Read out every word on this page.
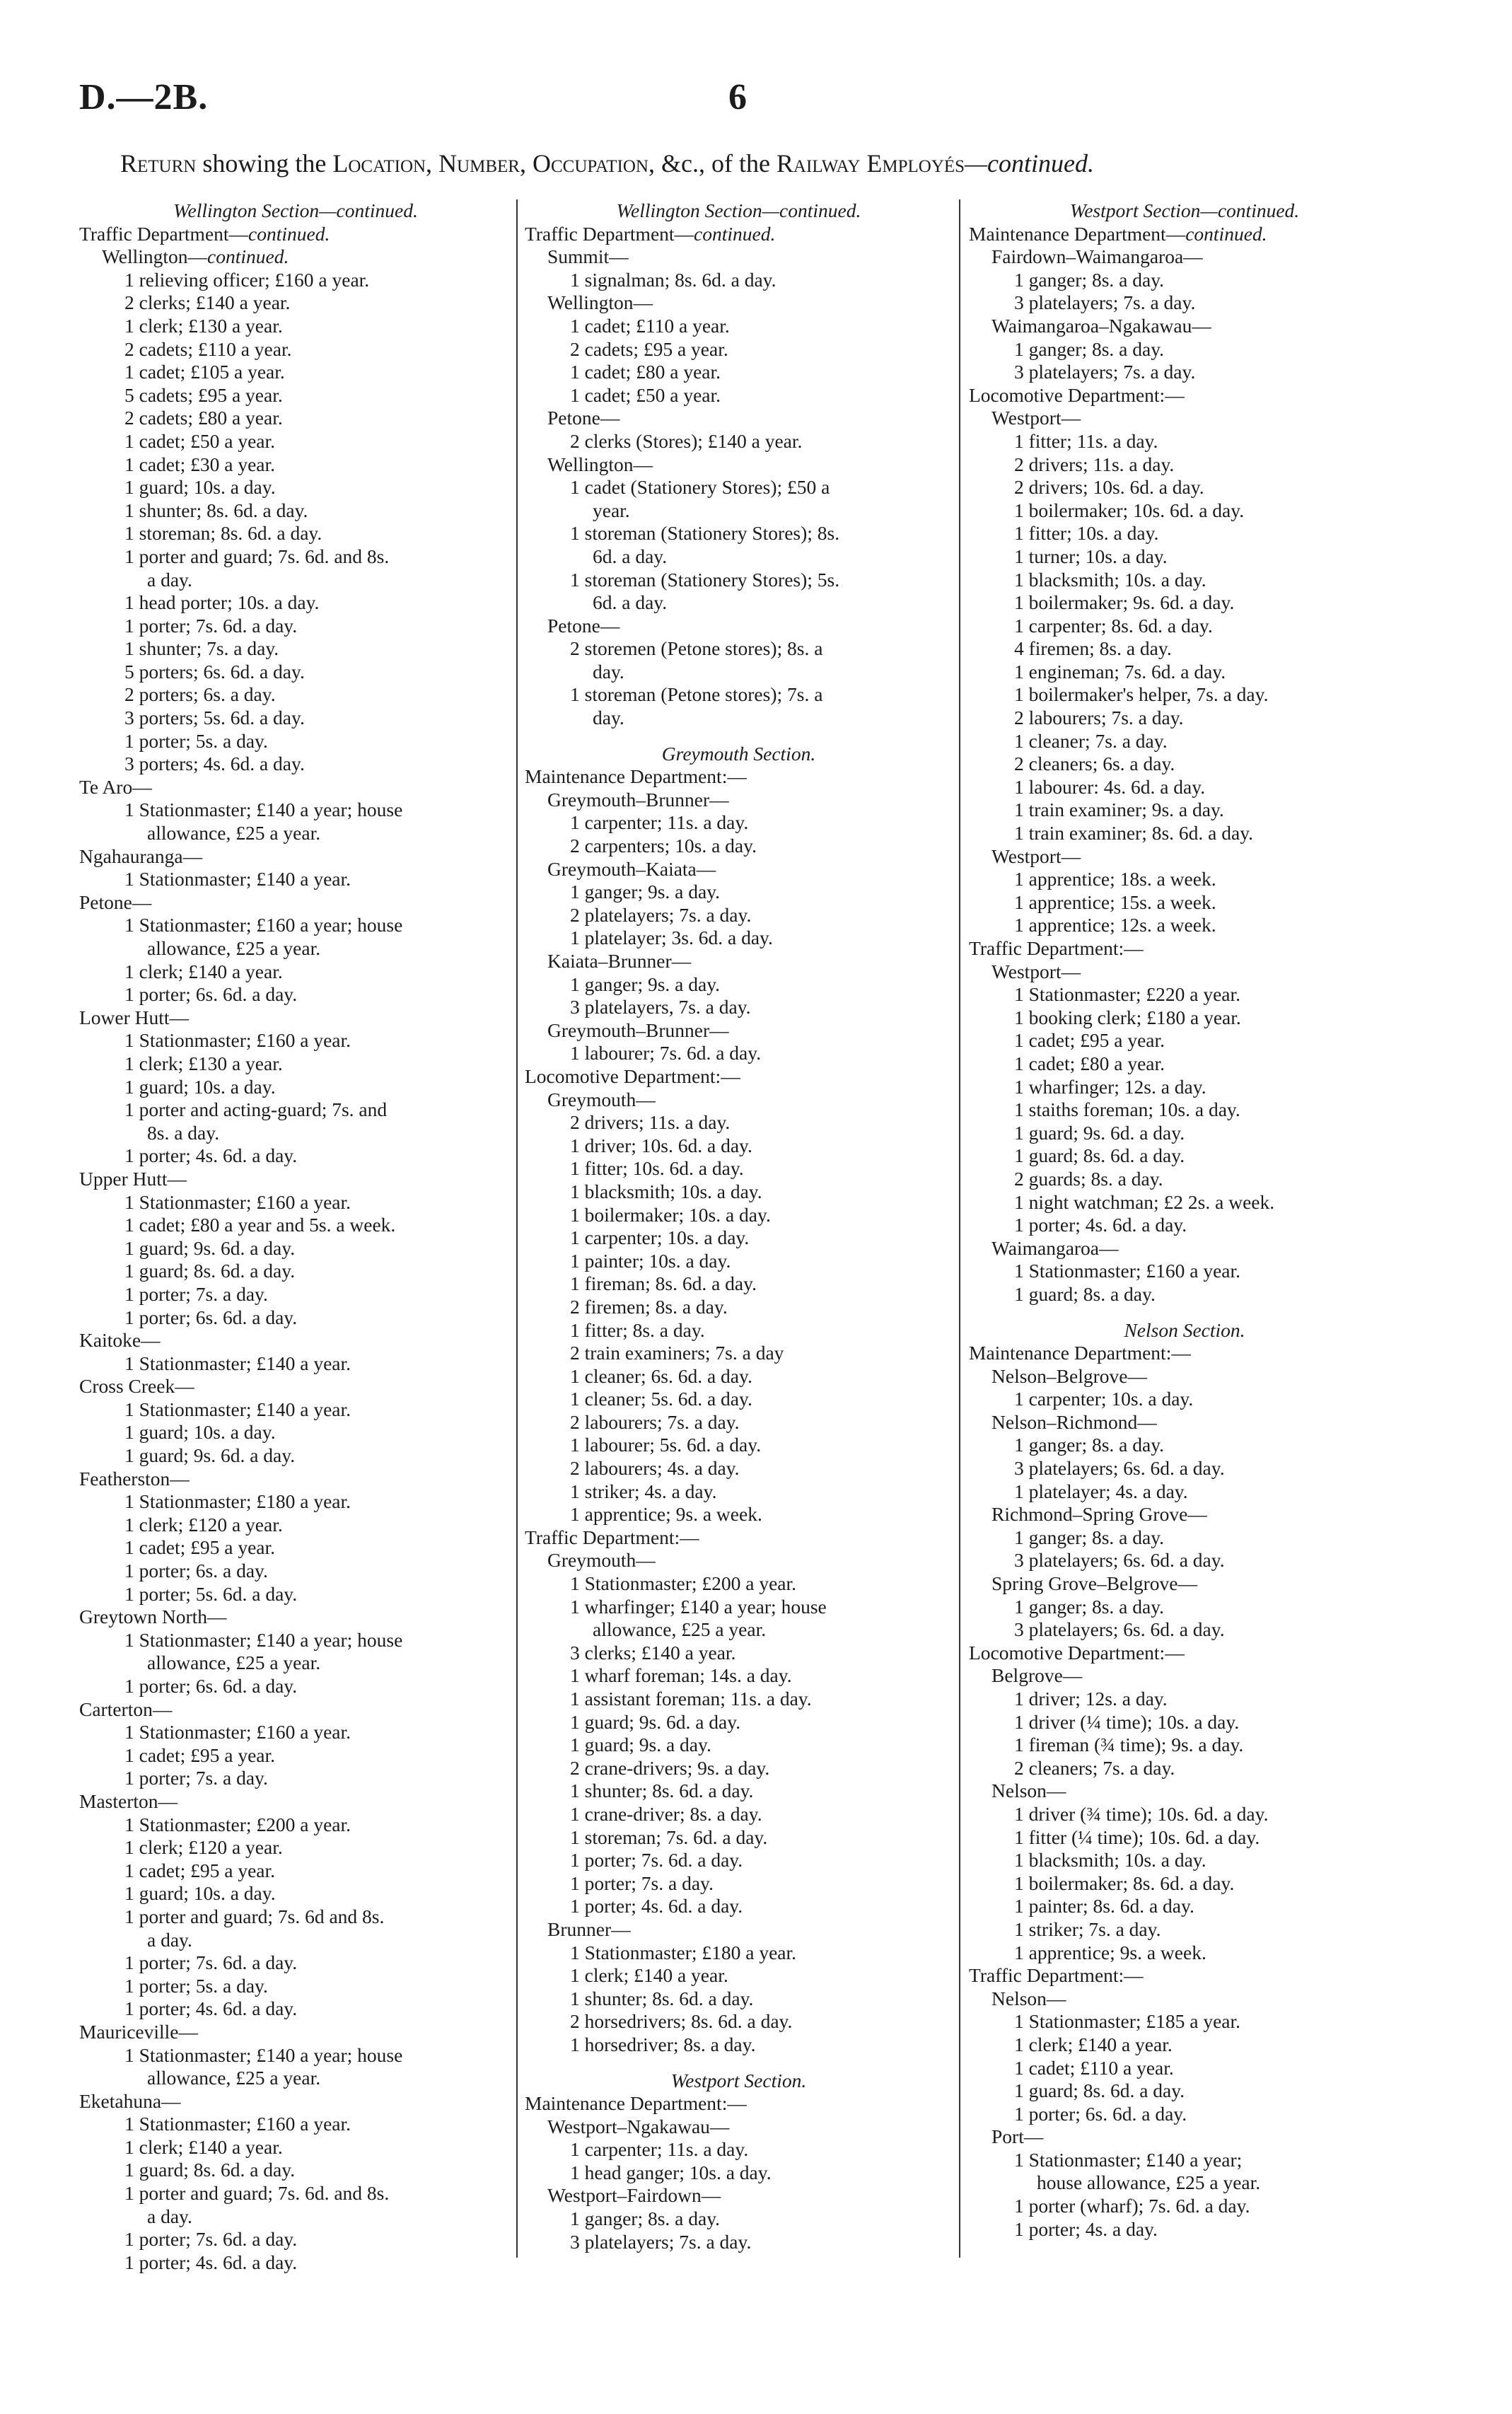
D.—2B.	6
Return showing the Location, Number, Occupation, &c., of the Railway Employés—continued.
Wellington Section—continued.
Traffic Department—continued.
Wellington—continued.
1 relieving officer; £160 a year.
2 clerks; £140 a year.
1 clerk; £130 a year.
2 cadets; £110 a year.
1 cadet; £105 a year.
5 cadets; £95 a year.
2 cadets; £80 a year.
1 cadet; £50 a year.
1 cadet; £30 a year.
1 guard; 10s. a day.
1 shunter; 8s. 6d. a day.
1 storeman; 8s. 6d. a day.
1 porter and guard; 7s. 6d. and 8s.
a day.
1 head porter; 10s. a day.
1 porter; 7s. 6d. a day.
1 shunter; 7s. a day.
5 porters; 6s. 6d. a day.
2 porters; 6s. a day.
3 porters; 5s. 6d. a day.
1 porter; 5s. a day.
3 porters; 4s. 6d. a day.
Te Aro—
1 Stationmaster; £140 a year; house
allowance, £25 a year.
Ngahauranga—
1 Stationmaster; £140 a year.
Petone—
1 Stationmaster; £160 a year; house
allowance, £25 a year.
1 clerk; £140 a year.
1 porter; 6s. 6d. a day.
Lower Hutt—
1 Stationmaster; £160 a year.
1 clerk; £130 a year.
1 guard; 10s. a day.
1 porter and acting-guard; 7s. and
8s. a day.
1 porter; 4s. 6d. a day.
Upper Hutt—
1 Stationmaster; £160 a year.
1 cadet; £80 a year and 5s. a week.
1 guard; 9s. 6d. a day.
1 guard; 8s. 6d. a day.
1 porter; 7s. a day.
1 porter; 6s. 6d. a day.
Kaitoke—
1 Stationmaster; £140 a year.
Cross Creek—
1 Stationmaster; £140 a year.
1 guard; 10s. a day.
1 guard; 9s. 6d. a day.
Featherston—
1 Stationmaster; £180 a year.
1 clerk; £120 a year.
1 cadet; £95 a year.
1 porter; 6s. a day.
1 porter; 5s. 6d. a day.
Greytown North—
1 Stationmaster; £140 a year; house
allowance, £25 a year.
1 porter; 6s. 6d. a day.
Carterton—
1 Stationmaster; £160 a year.
1 cadet; £95 a year.
1 porter; 7s. a day.
Masterton—
1 Stationmaster; £200 a year.
1 clerk; £120 a year.
1 cadet; £95 a year.
1 guard; 10s. a day.
1 porter and guard; 7s. 6d and 8s.
a day.
1 porter; 7s. 6d. a day.
1 porter; 5s. a day.
1 porter; 4s. 6d. a day.
Mauriceville—
1 Stationmaster; £140 a year; house
allowance, £25 a year.
Eketahuna—
1 Stationmaster; £160 a year.
1 clerk; £140 a year.
1 guard; 8s. 6d. a day.
1 porter and guard; 7s. 6d. and 8s.
a day.
1 porter; 7s. 6d. a day.
1 porter; 4s. 6d. a day.
Wellington Section—continued.
Traffic Department—continued.
Summit—
1 signalman; 8s. 6d. a day.
Wellington—
1 cadet; £110 a year.
2 cadets; £95 a year.
1 cadet; £80 a year.
1 cadet; £50 a year.
Petone—
2 clerks (Stores); £140 a year.
Wellington—
1 cadet (Stationery Stores); £50 a
year.
1 storeman (Stationery Stores); 8s.
6d. a day.
1 storeman (Stationery Stores); 5s.
6d. a day.
Petone—
2 storemen (Petone stores); 8s. a
day.
1 storeman (Petone stores); 7s. a
day.
Greymouth Section.
Maintenance Department:—
Greymouth–Brunner—
1 carpenter; 11s. a day.
2 carpenters; 10s. a day.
Greymouth–Kaiata—
1 ganger; 9s. a day.
2 platelayers; 7s. a day.
1 platelayer; 3s. 6d. a day.
Kaiata–Brunner—
1 ganger; 9s. a day.
3 platelayers, 7s. a day.
Greymouth–Brunner—
1 labourer; 7s. 6d. a day.
Locomotive Department:—
Greymouth—
2 drivers; 11s. a day.
1 driver; 10s. 6d. a day.
1 fitter; 10s. 6d. a day.
1 blacksmith; 10s. a day.
1 boilermaker; 10s. a day.
1 carpenter; 10s. a day.
1 painter; 10s. a day.
1 fireman; 8s. 6d. a day.
2 firemen; 8s. a day.
1 fitter; 8s. a day.
2 train examiners; 7s. a day
1 cleaner; 6s. 6d. a day.
1 cleaner; 5s. 6d. a day.
2 labourers; 7s. a day.
1 labourer; 5s. 6d. a day.
2 labourers; 4s. a day.
1 striker; 4s. a day.
1 apprentice; 9s. a week.
Traffic Department:—
Greymouth—
1 Stationmaster; £200 a year.
1 wharfinger; £140 a year; house
allowance, £25 a year.
3 clerks; £140 a year.
1 wharf foreman; 14s. a day.
1 assistant foreman; 11s. a day.
1 guard; 9s. 6d. a day.
1 guard; 9s. a day.
2 crane-drivers; 9s. a day.
1 shunter; 8s. 6d. a day.
1 crane-driver; 8s. a day.
1 storeman; 7s. 6d. a day.
1 porter; 7s. 6d. a day.
1 porter; 7s. a day.
1 porter; 4s. 6d. a day.
Brunner—
1 Stationmaster; £180 a year.
1 clerk; £140 a year.
1 shunter; 8s. 6d. a day.
2 horsedrivers; 8s. 6d. a day.
1 horsedriver; 8s. a day.
Westport Section.
Maintenance Department:—
Westport–Ngakawau—
1 carpenter; 11s. a day.
1 head ganger; 10s. a day.
Westport–Fairdown—
1 ganger; 8s. a day.
3 platelayers; 7s. a day.
Westport Section—continued.
Maintenance Department—continued.
Fairdown–Waimangaroa—
1 ganger; 8s. a day.
3 platelayers; 7s. a day.
Waimangaroa–Ngakawau—
1 ganger; 8s. a day.
3 platelayers; 7s. a day.
Locomotive Department:—
Westport—
1 fitter; 11s. a day.
2 drivers; 11s. a day.
2 drivers; 10s. 6d. a day.
1 boilermaker; 10s. 6d. a day.
1 fitter; 10s. a day.
1 turner; 10s. a day.
1 blacksmith; 10s. a day.
1 boilermaker; 9s. 6d. a day.
1 carpenter; 8s. 6d. a day.
4 firemen; 8s. a day.
1 engineman; 7s. 6d. a day.
1 boilermaker's helper, 7s. a day.
2 labourers; 7s. a day.
1 cleaner; 7s. a day.
2 cleaners; 6s. a day.
1 labourer: 4s. 6d. a day.
1 train examiner; 9s. a day.
1 train examiner; 8s. 6d. a day.
Westport—
1 apprentice; 18s. a week.
1 apprentice; 15s. a week.
1 apprentice; 12s. a week.
Traffic Department:—
Westport—
1 Stationmaster; £220 a year.
1 booking clerk; £180 a year.
1 cadet; £95 a year.
1 cadet; £80 a year.
1 wharfinger; 12s. a day.
1 staiths foreman; 10s. a day.
1 guard; 9s. 6d. a day.
1 guard; 8s. 6d. a day.
2 guards; 8s. a day.
1 night watchman; £2 2s. a week.
1 porter; 4s. 6d. a day.
Waimangaroa—
1 Stationmaster; £160 a year.
1 guard; 8s. a day.
Nelson Section.
Maintenance Department:—
Nelson–Belgrove—
1 carpenter; 10s. a day.
Nelson–Richmond—
1 ganger; 8s. a day.
3 platelayers; 6s. 6d. a day.
1 platelayer; 4s. a day.
Richmond–Spring Grove—
1 ganger; 8s. a day.
3 platelayers; 6s. 6d. a day.
Spring Grove–Belgrove—
1 ganger; 8s. a day.
3 platelayers; 6s. 6d. a day.
Locomotive Department:—
Belgrove—
1 driver; 12s. a day.
1 driver (¼ time); 10s. a day.
1 fireman (¾ time); 9s. a day.
2 cleaners; 7s. a day.
Nelson—
1 driver (¾ time); 10s. 6d. a day.
1 fitter (¼ time); 10s. 6d. a day.
1 blacksmith; 10s. a day.
1 boilermaker; 8s. 6d. a day.
1 painter; 8s. 6d. a day.
1 striker; 7s. a day.
1 apprentice; 9s. a week.
Traffic Department:—
Nelson—
1 Stationmaster; £185 a year.
1 clerk; £140 a year.
1 cadet; £110 a year.
1 guard; 8s. 6d. a day.
1 porter; 6s. 6d. a day.
Port—
1 Stationmaster; £140 a year;
house allowance, £25 a year.
1 porter (wharf); 7s. 6d. a day.
1 porter; 4s. a day.
